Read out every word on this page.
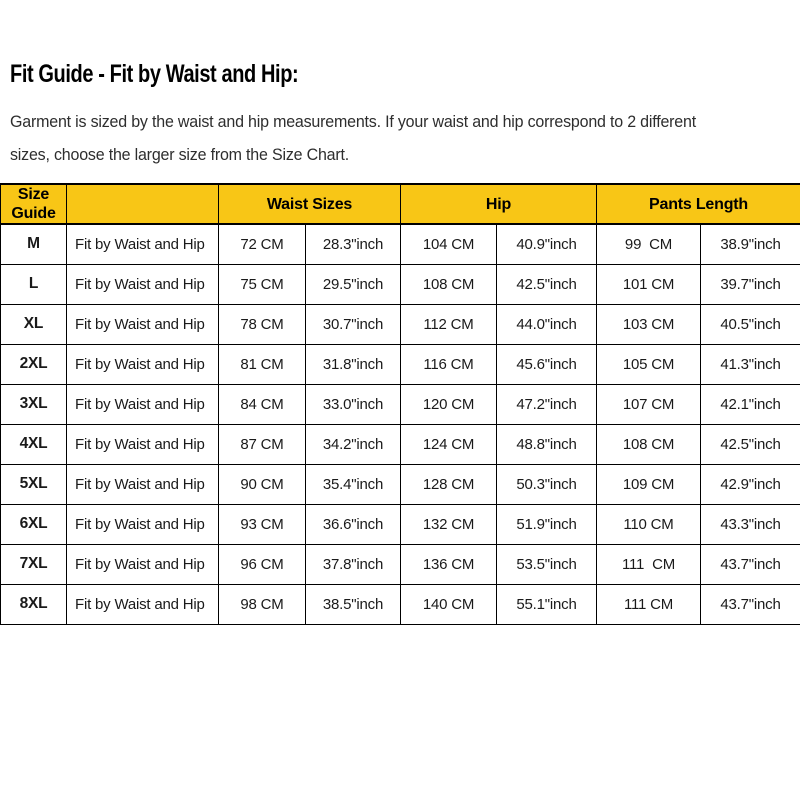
Fit Guide - Fit by Waist and Hip:
Garment is sized by the waist and hip measurements. If your waist and hip correspond to 2 different
sizes, choose the larger size from the Size Chart.
Size Guide		Waist Sizes		Hip		Pants Length	
M	Fit by Waist and Hip	72 CM	28.3"inch	104 CM	40.9"inch	99  CM	38.9"inch
L	Fit by Waist and Hip	75 CM	29.5"inch	108 CM	42.5"inch	101 CM	39.7"inch
XL	Fit by Waist and Hip	78 CM	30.7"inch	112 CM	44.0"inch	103 CM	40.5"inch
2XL	Fit by Waist and Hip	81 CM	31.8"inch	116 CM	45.6"inch	105 CM	41.3"inch
3XL	Fit by Waist and Hip	84 CM	33.0"inch	120 CM	47.2"inch	107 CM	42.1"inch
4XL	Fit by Waist and Hip	87 CM	34.2"inch	124 CM	48.8"inch	108 CM	42.5"inch
5XL	Fit by Waist and Hip	90 CM	35.4"inch	128 CM	50.3"inch	109 CM	42.9"inch
6XL	Fit by Waist and Hip	93 CM	36.6"inch	132 CM	51.9"inch	110 CM	43.3"inch
7XL	Fit by Waist and Hip	96 CM	37.8"inch	136 CM	53.5"inch	111  CM	43.7"inch
8XL	Fit by Waist and Hip	98 CM	38.5"inch	140 CM	55.1"inch	111 CM	43.7"inch
